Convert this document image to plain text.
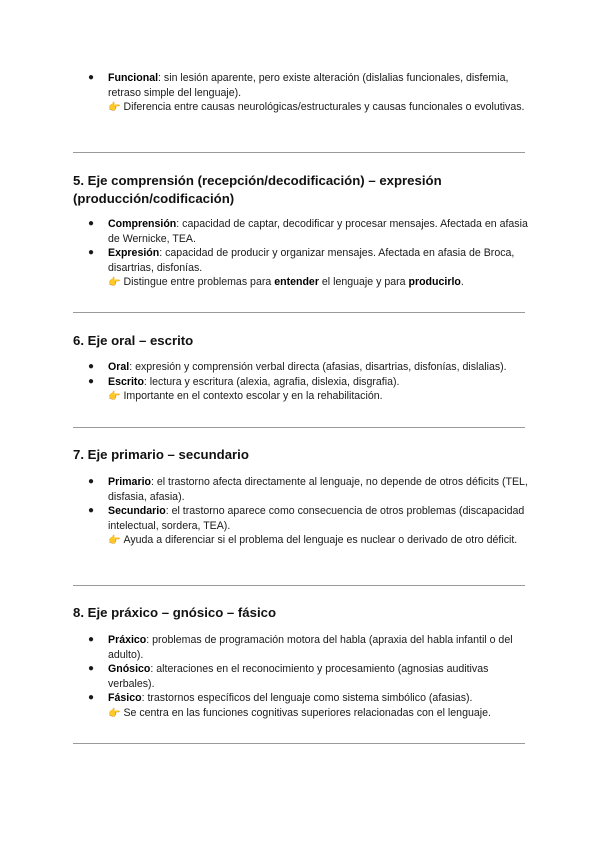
● Funcional: sin lesión aparente, pero existe alteración (dislalias funcionales, disfemia, retraso simple del lenguaje).
👉 Diferencia entre causas neurológicas/estructurales y causas funcionales o evolutivas.
5. Eje comprensión (recepción/decodificación) – expresión (producción/codificación)
● Comprensión: capacidad de captar, decodificar y procesar mensajes. Afectada en afasia de Wernicke, TEA.
● Expresión: capacidad de producir y organizar mensajes. Afectada en afasia de Broca, disartrias, disfonías.
👉 Distingue entre problemas para entender el lenguaje y para producirlo.
6. Eje oral – escrito
● Oral: expresión y comprensión verbal directa (afasias, disartrias, disfonías, dislalias).
● Escrito: lectura y escritura (alexia, agrafia, dislexia, disgrafia).
👉 Importante en el contexto escolar y en la rehabilitación.
7. Eje primario – secundario
● Primario: el trastorno afecta directamente al lenguaje, no depende de otros déficits (TEL, disfasia, afasia).
● Secundario: el trastorno aparece como consecuencia de otros problemas (discapacidad intelectual, sordera, TEA).
👉 Ayuda a diferenciar si el problema del lenguaje es nuclear o derivado de otro déficit.
8. Eje práxico – gnósico – fásico
● Práxico: problemas de programación motora del habla (apraxia del habla infantil o del adulto).
● Gnósico: alteraciones en el reconocimiento y procesamiento (agnosias auditivas verbales).
● Fásico: trastornos específicos del lenguaje como sistema simbólico (afasias).
👉 Se centra en las funciones cognitivas superiores relacionadas con el lenguaje.
